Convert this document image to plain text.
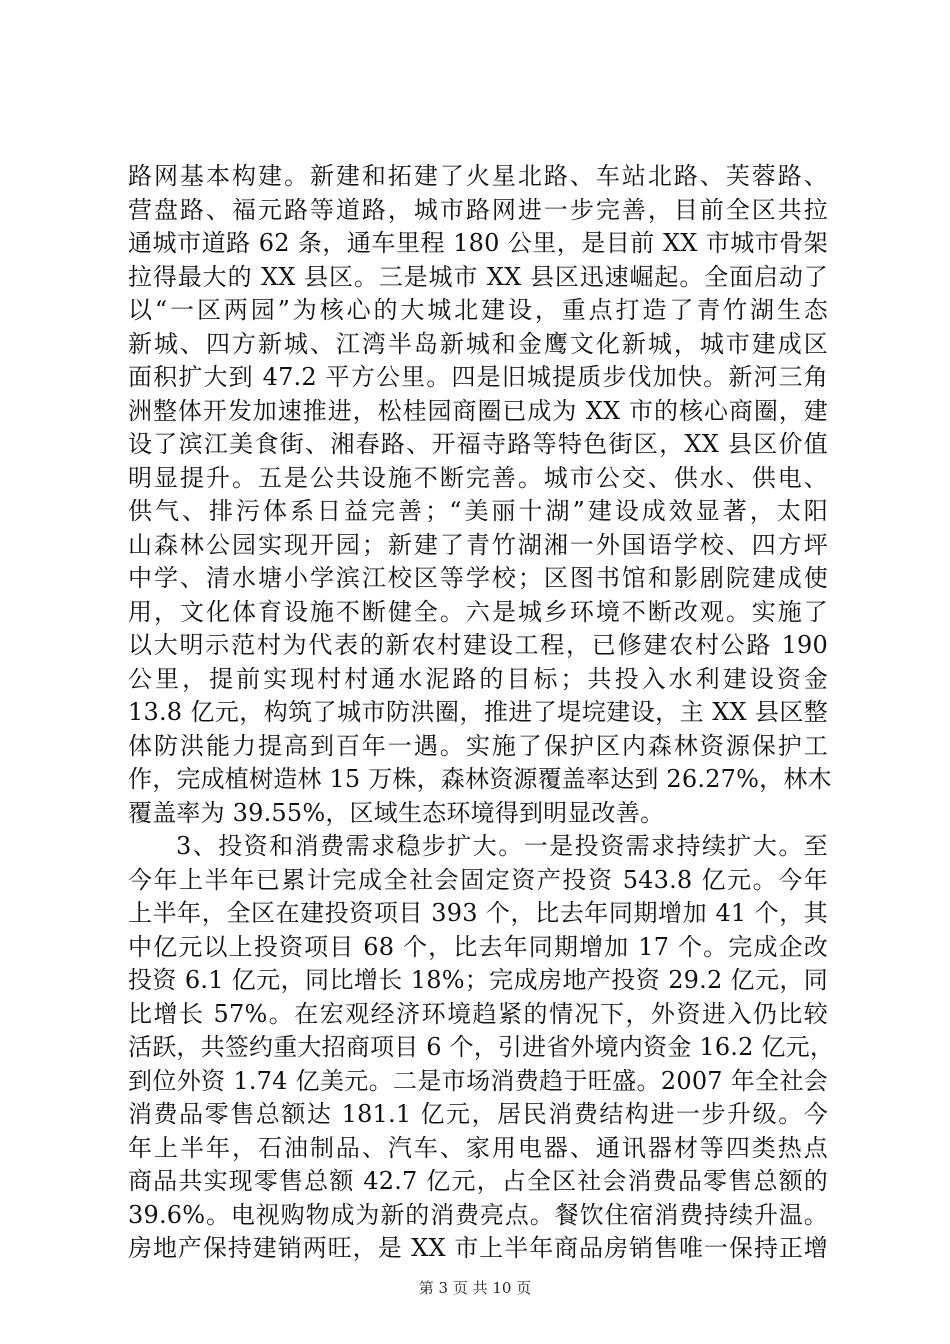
路网基本构建。新建和拓建了火星北路、车站北路、芙蓉路、
营盘路、福元路等道路，城市路网进一步完善，目前全区共拉
通城市道路 62 条，通车里程 180 公里，是目前 XX 市城市骨架
拉得最大的 XX 县区。三是城市 XX 县区迅速崛起。全面启动了
以“一区两园”为核心的大城北建设，重点打造了青竹湖生态
新城、四方新城、江湾半岛新城和金鹰文化新城，城市建成区
面积扩大到 47.2 平方公里。四是旧城提质步伐加快。新河三角
洲整体开发加速推进，松桂园商圈已成为 XX 市的核心商圈，建
设了滨江美食街、湘春路、开福寺路等特色街区，XX 县区价值
明显提升。五是公共设施不断完善。城市公交、供水、供电、
供气、排污体系日益完善；“美丽十湖”建设成效显著，太阳
山森林公园实现开园；新建了青竹湖湘一外国语学校、四方坪
中学、清水塘小学滨江校区等学校；区图书馆和影剧院建成使
用，文化体育设施不断健全。六是城乡环境不断改观。实施了
以大明示范村为代表的新农村建设工程，已修建农村公路 190
公里，提前实现村村通水泥路的目标；共投入水利建设资金
13.8 亿元，构筑了城市防洪圈，推进了堤垸建设，主 XX 县区整
体防洪能力提高到百年一遇。实施了保护区内森林资源保护工
作，完成植树造林 15 万株，森林资源覆盖率达到 26.27%，林木
覆盖率为 39.55%，区域生态环境得到明显改善。
3、投资和消费需求稳步扩大。一是投资需求持续扩大。至
今年上半年已累计完成全社会固定资产投资 543.8 亿元。今年
上半年，全区在建投资项目 393 个，比去年同期增加 41 个，其
中亿元以上投资项目 68 个，比去年同期增加 17 个。完成企改
投资 6.1 亿元，同比增长 18%；完成房地产投资 29.2 亿元，同
比增长 57%。在宏观经济环境趋紧的情况下，外资进入仍比较
活跃，共签约重大招商项目 6 个，引进省外境内资金 16.2 亿元，
到位外资 1.74 亿美元。二是市场消费趋于旺盛。2007 年全社会
消费品零售总额达 181.1 亿元，居民消费结构进一步升级。今
年上半年，石油制品、汽车、家用电器、通讯器材等四类热点
商品共实现零售总额 42.7 亿元，占全区社会消费品零售总额的
39.6%。电视购物成为新的消费亮点。餐饮住宿消费持续升温。
房地产保持建销两旺，是 XX 市上半年商品房销售唯一保持正增
第 3 页 共 10 页
